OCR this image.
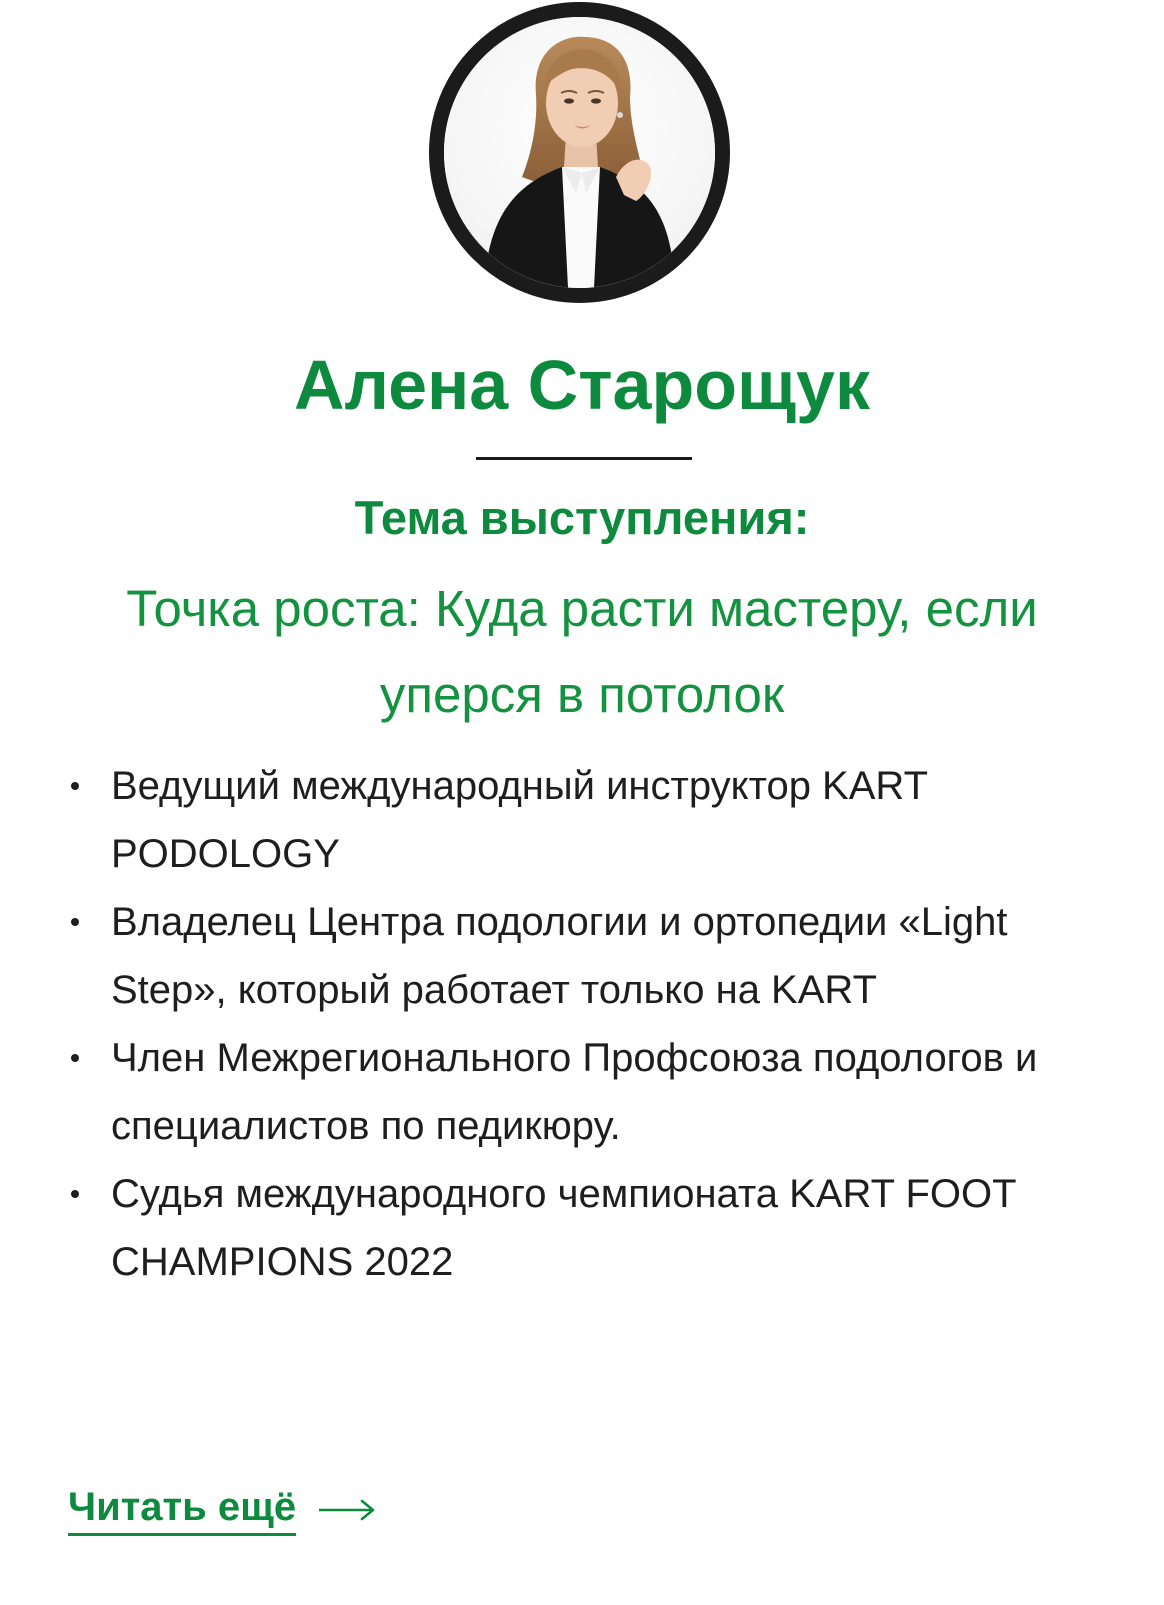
Алена Старощук
Тема выступления:
Точка роста: Куда расти мастеру, если уперся в потолок
Ведущий международный инструктор KART PODOLOGY
Владелец Центра подологии и ортопедии «Light Step», который работает только на KART
Член Межрегионального Профсоюза подологов и специалистов по педикюру.
Судья международного чемпионата KART FOOT CHAMPIONS 2022
Читать ещё
